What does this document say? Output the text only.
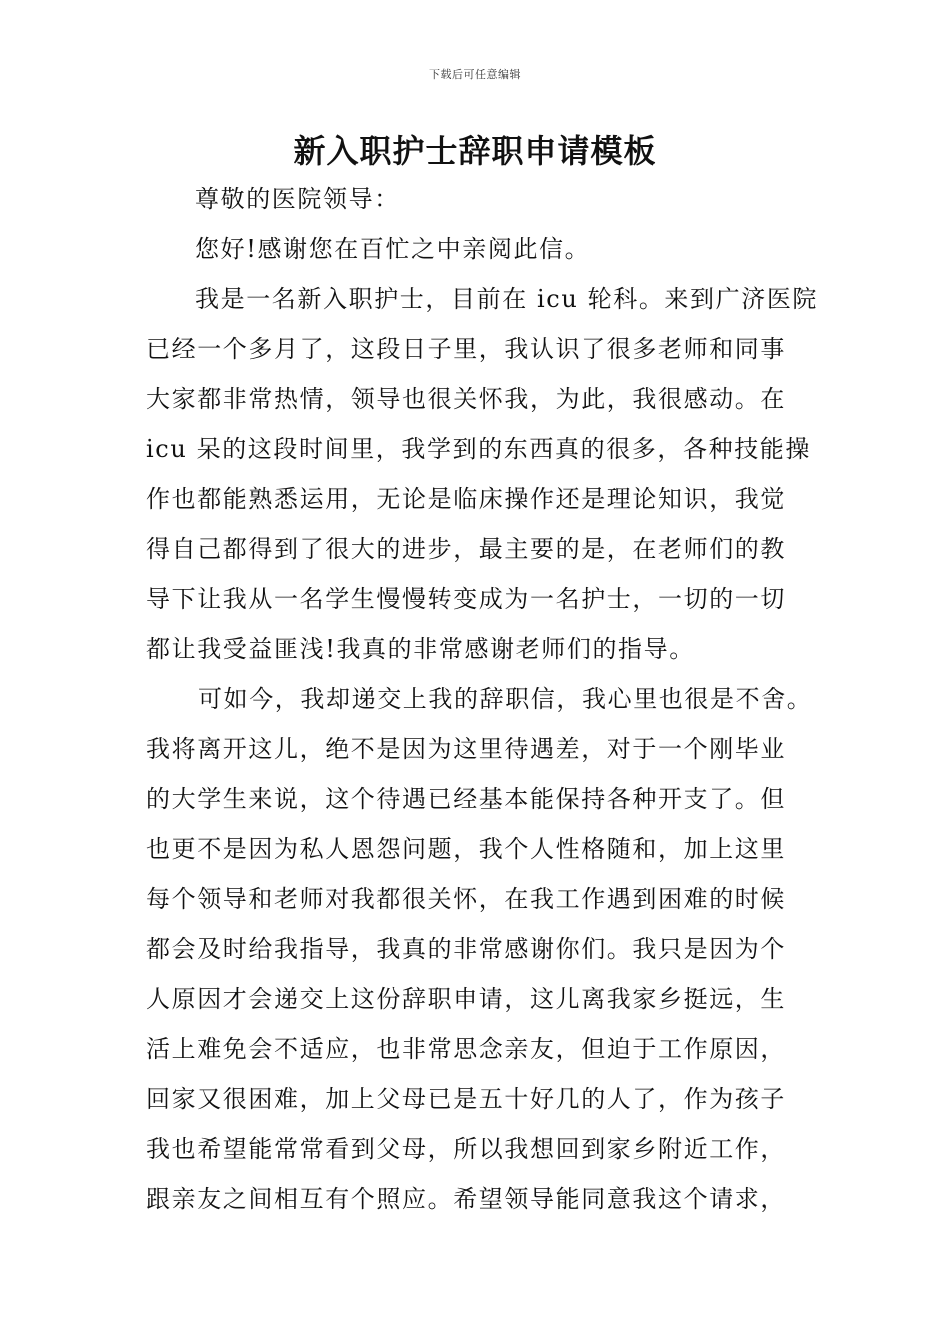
下载后可任意编辑
新入职护士辞职申请模板
尊敬的医院领导：
您好!感谢您在百忙之中亲阅此信。
我是一名新入职护士，目前在 icu 轮科。来到广济医院
已经一个多月了，这段日子里，我认识了很多老师和同事
大家都非常热情，领导也很关怀我，为此，我很感动。在
icu 呆的这段时间里，我学到的东西真的很多，各种技能操
作也都能熟悉运用，无论是临床操作还是理论知识，我觉
得自己都得到了很大的进步，最主要的是，在老师们的教
导下让我从一名学生慢慢转变成为一名护士，一切的一切
都让我受益匪浅!我真的非常感谢老师们的指导。
可如今，我却递交上我的辞职信，我心里也很是不舍。
我将离开这儿，绝不是因为这里待遇差，对于一个刚毕业
的大学生来说，这个待遇已经基本能保持各种开支了。但
也更不是因为私人恩怨问题，我个人性格随和，加上这里
每个领导和老师对我都很关怀，在我工作遇到困难的时候
都会及时给我指导，我真的非常感谢你们。我只是因为个
人原因才会递交上这份辞职申请，这儿离我家乡挺远，生
活上难免会不适应，也非常思念亲友，但迫于工作原因，
回家又很困难，加上父母已是五十好几的人了，作为孩子
我也希望能常常看到父母，所以我想回到家乡附近工作，
跟亲友之间相互有个照应。希望领导能同意我这个请求，
